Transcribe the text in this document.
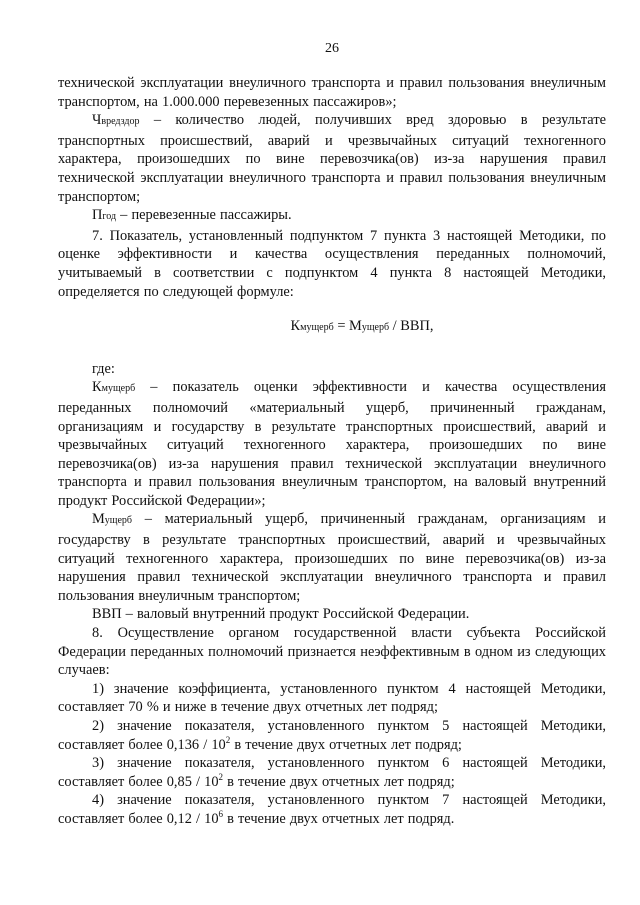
26

технической эксплуатации внеуличного транспорта и правил пользования внеуличным транспортом, на 1.000.000 перевезенных пассажиров»;

Чвредздор – количество людей, получивших вред здоровью в результате транспортных происшествий, аварий и чрезвычайных ситуаций техногенного характера, произошедших по вине перевозчика(ов) из-за нарушения правил технической эксплуатации внеуличного транспорта и правил пользования внеуличным транспортом;

Пгод – перевезенные пассажиры.

7. Показатель, установленный подпунктом 7 пункта 3 настоящей Методики, по оценке эффективности и качества осуществления переданных полномочий, учитываемый в соответствии с подпунктом 4 пункта 8 настоящей Методики, определяется по следующей формуле:

Кмущерб = Мущерб / ВВП,

где:

Кмущерб – показатель оценки эффективности и качества осуществления переданных полномочий «материальный ущерб, причиненный гражданам, организациям и государству в результате транспортных происшествий, аварий и чрезвычайных ситуаций техногенного характера, произошедших по вине перевозчика(ов) из-за нарушения правил технической эксплуатации внеуличного транспорта и правил пользования внеуличным транспортом, на валовый внутренний продукт Российской Федерации»;

Мущерб – материальный ущерб, причиненный гражданам, организациям и государству в результате транспортных происшествий, аварий и чрезвычайных ситуаций техногенного характера, произошедших по вине перевозчика(ов) из-за нарушения правил технической эксплуатации внеуличного транспорта и правил пользования внеуличным транспортом;

ВВП – валовый внутренний продукт Российской Федерации.

8. Осуществление органом государственной власти субъекта Российской Федерации переданных полномочий признается неэффективным в одном из следующих случаев:

1) значение коэффициента, установленного пунктом 4 настоящей Методики, составляет 70 % и ниже в течение двух отчетных лет подряд;

2) значение показателя, установленного пунктом 5 настоящей Методики, составляет более $0,136 / 10^2$ в течение двух отчетных лет подряд;

3) значение показателя, установленного пунктом 6 настоящей Методики, составляет более $0,85 / 10^2$ в течение двух отчетных лет подряд;

4) значение показателя, установленного пунктом 7 настоящей Методики, составляет более $0,12 / 10^6$ в течение двух отчетных лет подряд.
